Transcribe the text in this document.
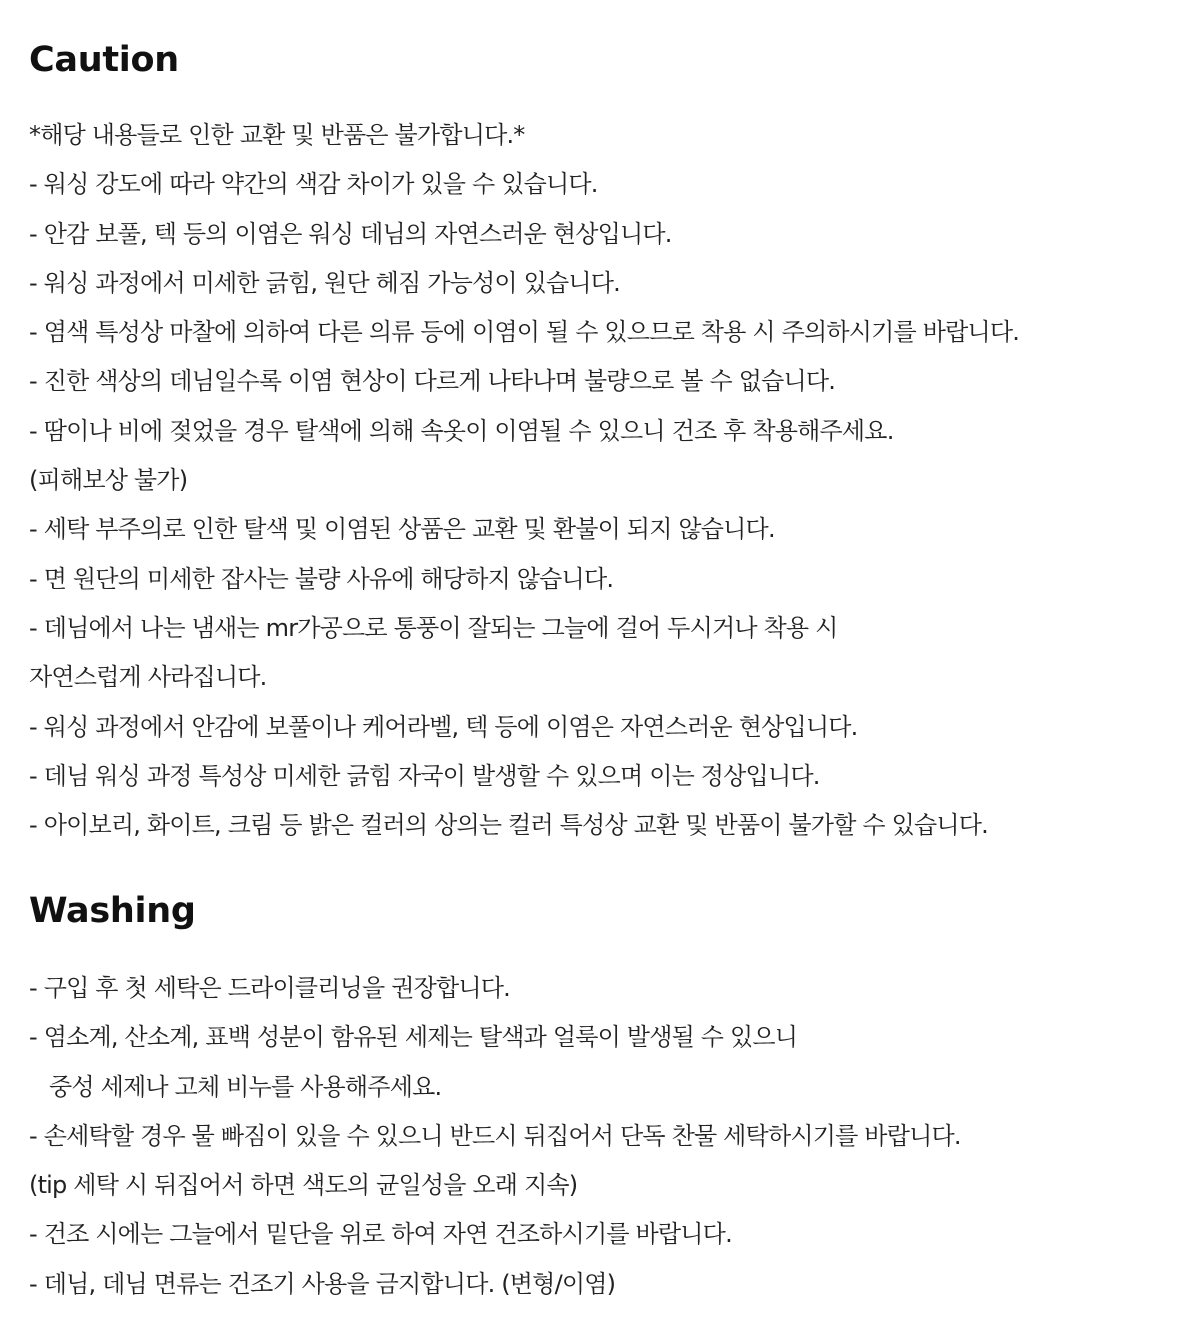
Caution
*해당 내용들로 인한 교환 및 반품은 불가합니다.*
- 워싱 강도에 따라 약간의 색감 차이가 있을 수 있습니다.
- 안감 보풀, 텍 등의 이염은 워싱 데님의 자연스러운 현상입니다.
- 워싱 과정에서 미세한 긁힘, 원단 헤짐 가능성이 있습니다.
- 염색 특성상 마찰에 의하여 다른 의류 등에 이염이 될 수 있으므로 착용 시 주의하시기를 바랍니다.
- 진한 색상의 데님일수록 이염 현상이 다르게 나타나며 불량으로 볼 수 없습니다.
- 땀이나 비에 젖었을 경우 탈색에 의해 속옷이 이염될 수 있으니 건조 후 착용해주세요.
(피해보상 불가)
- 세탁 부주의로 인한 탈색 및 이염된 상품은 교환 및 환불이 되지 않습니다.
- 면 원단의 미세한 잡사는 불량 사유에 해당하지 않습니다.
- 데님에서 나는 냄새는 mr가공으로 통풍이 잘되는 그늘에 걸어 두시거나 착용 시
자연스럽게 사라집니다.
- 워싱 과정에서 안감에 보풀이나 케어라벨, 텍 등에 이염은 자연스러운 현상입니다.
- 데님 워싱 과정 특성상 미세한 긁힘 자국이 발생할 수 있으며 이는 정상입니다.
- 아이보리, 화이트, 크림 등 밝은 컬러의 상의는 컬러 특성상 교환 및 반품이 불가할 수 있습니다.
Washing
- 구입 후 첫 세탁은 드라이클리닝을 권장합니다.
- 염소계, 산소계, 표백 성분이 함유된 세제는 탈색과 얼룩이 발생될 수 있으니
중성 세제나 고체 비누를 사용해주세요.
- 손세탁할 경우 물 빠짐이 있을 수 있으니 반드시 뒤집어서 단독 찬물 세탁하시기를 바랍니다.
(tip 세탁 시 뒤집어서 하면 색도의 균일성을 오래 지속)
- 건조 시에는 그늘에서 밑단을 위로 하여 자연 건조하시기를 바랍니다.
- 데님, 데님 면류는 건조기 사용을 금지합니다. (변형/이염)
